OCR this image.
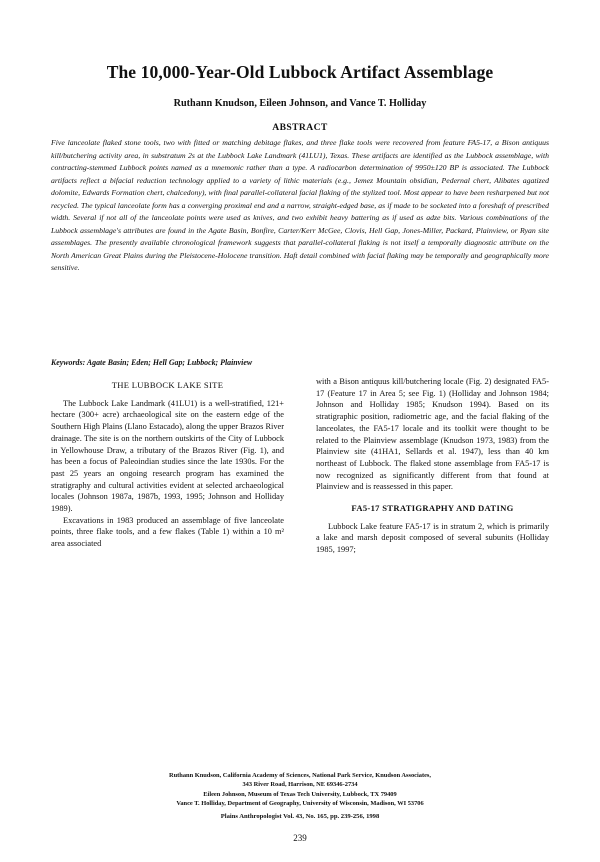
The 10,000-Year-Old Lubbock Artifact Assemblage
Ruthann Knudson, Eileen Johnson, and Vance T. Holliday
ABSTRACT
Five lanceolate flaked stone tools, two with fitted or matching debitage flakes, and three flake tools were recovered from feature FA5-17, a Bison antiquus kill/butchering activity area, in substratum 2s at the Lubbock Lake Landmark (41LU1), Texas. These artifacts are identified as the Lubbock assemblage, with contracting-stemmed Lubbock points named as a mnemonic rather than a type. A radiocarbon determination of 9950±120 BP is associated. The Lubbock artifacts reflect a bifacial reduction technology applied to a variety of lithic materials (e.g., Jemez Mountain obsidian, Pedernal chert, Alibates agatized dolomite, Edwards Formation chert, chalcedony), with final parallel-collateral facial flaking of the stylized tool. Most appear to have been resharpened but not recycled. The typical lanceolate form has a converging proximal end and a narrow, straight-edged base, as if made to be socketed into a foreshaft of prescribed width. Several if not all of the lanceolate points were used as knives, and two exhibit heavy battering as if used as adze bits. Various combinations of the Lubbock assemblage's attributes are found in the Agate Basin, Bonfire, Carter/Kerr McGee, Clovis, Hell Gap, Jones-Miller, Packard, Plainview, or Ryan site assemblages. The presently available chronological framework suggests that parallel-collateral flaking is not itself a temporally diagnostic attribute on the North American Great Plains during the Pleistocene-Holocene transition. Haft detail combined with facial flaking may be temporally and geographically more sensitive.
Keywords: Agate Basin; Eden; Hell Gap; Lubbock; Plainview
THE LUBBOCK LAKE SITE

The Lubbock Lake Landmark (41LU1) is a well-stratified, 121+ hectare (300+ acre) archaeological site on the eastern edge of the Southern High Plains (Llano Estacado), along the upper Brazos River drainage. The site is on the northern outskirts of the City of Lubbock in Yellowhouse Draw, a tributary of the Brazos River (Fig. 1), and has been a focus of Paleoindian studies since the late 1930s. For the past 25 years an ongoing research program has examined the stratigraphy and cultural activities evident at selected archaeological locales (Johnson 1987a, 1987b, 1993, 1995; Johnson and Holliday 1989).

Excavations in 1983 produced an assemblage of five lanceolate points, three flake tools, and a few flakes (Table 1) within a 10 m² area associated

with a Bison antiquus kill/butchering locale (Fig. 2) designated FA5-17 (Feature 17 in Area 5; see Fig. 1) (Holliday and Johnson 1984; Johnson and Holliday 1985; Knudson 1994). Based on its stratigraphic position, radiometric age, and the facial flaking of the lanceolates, the FA5-17 locale and its toolkit were thought to be related to the Plainview assemblage (Knudson 1973, 1983) from the Plainview site (41HA1, Sellards et al. 1947), less than 40 km northeast of Lubbock. The flaked stone assemblage from FA5-17 is now recognized as significantly different from that found at Plainview and is reassessed in this paper.

FA5-17 STRATIGRAPHY AND DATING

Lubbock Lake feature FA5-17 is in stratum 2, which is primarily a lake and marsh deposit composed of several subunits (Holliday 1985, 1997;

Ruthann Knudson, California Academy of Sciences, National Park Service, Knudson Associates,
343 River Road, Harrison, NE 69346-2734
Eileen Johnson, Museum of Texas Tech University, Lubbock, TX 79409
Vance T. Holliday, Department of Geography, University of Wisconsin, Madison, WI 53706
Plains Anthropologist Vol. 43, No. 165, pp. 239-256, 1998
239
